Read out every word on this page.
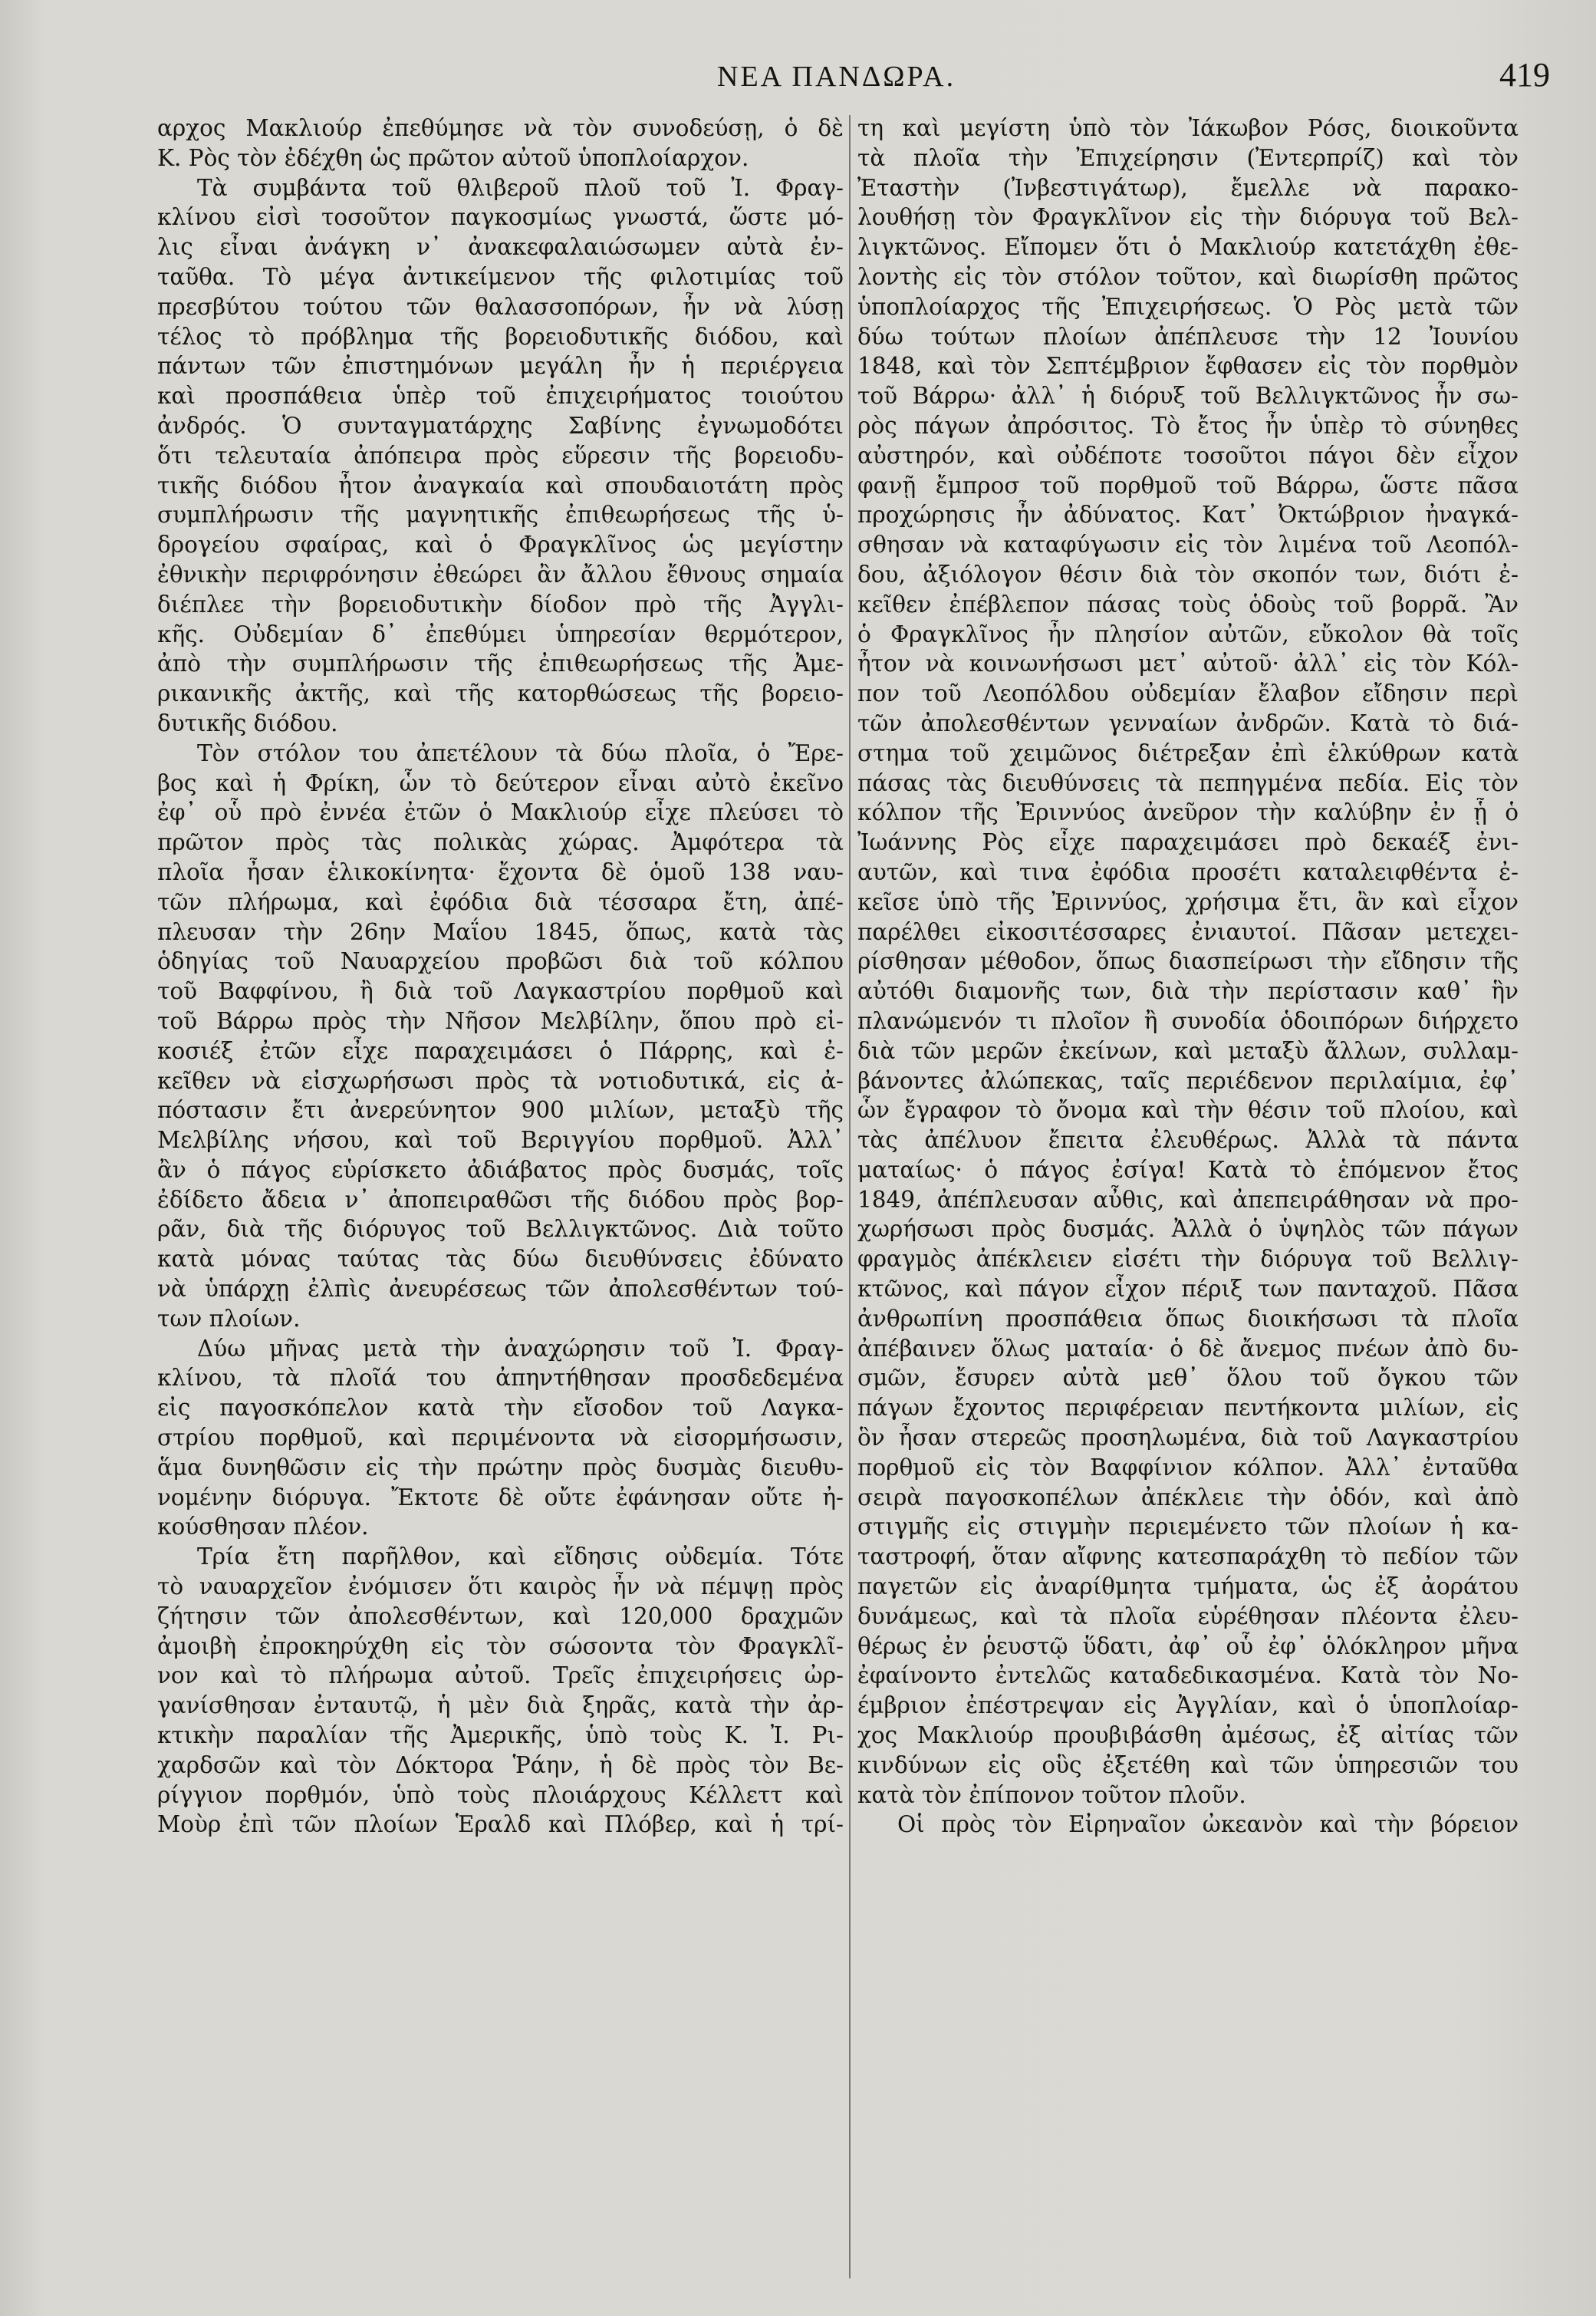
ΝΕΑ ΠΑΝΔΩΡΑ.	419
αρχος Μακλιούρ ἐπεθύμησε νὰ τὸν συνοδεύσῃ, ὁ δὲ
Κ. Ρὸς τὸν ἐδέχθη ὡς πρῶτον αὐτοῦ ὑποπλοίαρχον.
Τὰ συμβάντα τοῦ θλιβεροῦ πλοῦ τοῦ Ἰ. Φραγ-
κλίνου εἰσὶ τοσοῦτον παγκοσμίως γνωστά, ὥστε μό-
λις εἶναι ἀνάγκη ν᾽ ἀνακεφαλαιώσωμεν αὐτὰ ἐν-
ταῦθα. Τὸ μέγα ἀντικείμενον τῆς φιλοτιμίας τοῦ
πρεσβύτου τούτου τῶν θαλασσοπόρων, ἦν νὰ λύσῃ
τέλος τὸ πρόβλημα τῆς βορειοδυτικῆς διόδου, καὶ
πάντων τῶν ἐπιστημόνων μεγάλη ἦν ἡ περιέργεια
καὶ προσπάθεια ὑπὲρ τοῦ ἐπιχειρήματος τοιούτου
ἀνδρός. Ὁ συνταγματάρχης Σαβίνης ἐγνωμοδότει
ὅτι τελευταία ἀπόπειρα πρὸς εὕρεσιν τῆς βορειοδυ-
τικῆς διόδου ἦτον ἀναγκαία καὶ σπουδαιοτάτη πρὸς
συμπλήρωσιν τῆς μαγνητικῆς ἐπιθεωρήσεως τῆς ὑ-
δρογείου σφαίρας, καὶ ὁ Φραγκλῖνος ὡς μεγίστην
ἐθνικὴν περιφρόνησιν ἐθεώρει ἂν ἄλλου ἔθνους σημαία
διέπλεε τὴν βορειοδυτικὴν δίοδον πρὸ τῆς Ἀγγλι-
κῆς. Οὐδεμίαν δ᾽ ἐπεθύμει ὑπηρεσίαν θερμότερον,
ἀπὸ τὴν συμπλήρωσιν τῆς ἐπιθεωρήσεως τῆς Ἀμε-
ρικανικῆς ἀκτῆς, καὶ τῆς κατορθώσεως τῆς βορειο-
δυτικῆς διόδου.
Τὸν στόλον του ἀπετέλουν τὰ δύω πλοῖα, ὁ Ἔρε-
βος καὶ ἡ Φρίκη, ὧν τὸ δεύτερον εἶναι αὐτὸ ἐκεῖνο
ἐφ᾽ οὗ πρὸ ἐννέα ἐτῶν ὁ Μακλιούρ εἶχε πλεύσει τὸ
πρῶτον πρὸς τὰς πολικὰς χώρας. Ἀμφότερα τὰ
πλοῖα ἦσαν ἑλικοκίνητα· ἔχοντα δὲ ὁμοῦ 138 ναυ-
τῶν πλήρωμα, καὶ ἐφόδια διὰ τέσσαρα ἔτη, ἀπέ-
πλευσαν τὴν 26ην Μαΐου 1845, ὅπως, κατὰ τὰς
ὁδηγίας τοῦ Ναυαρχείου προβῶσι διὰ τοῦ κόλπου
τοῦ Βαφφίνου, ἢ διὰ τοῦ Λαγκαστρίου πορθμοῦ καὶ
τοῦ Βάρρω πρὸς τὴν Νῆσον Μελβίλην, ὅπου πρὸ εἰ-
κοσιέξ ἐτῶν εἶχε παραχειμάσει ὁ Πάρρης, καὶ ἐ-
κεῖθεν νὰ εἰσχωρήσωσι πρὸς τὰ νοτιοδυτικά, εἰς ἀ-
πόστασιν ἔτι ἀνερεύνητον 900 μιλίων, μεταξὺ τῆς
Μελβίλης νήσου, καὶ τοῦ Βεριγγίου πορθμοῦ. Ἀλλ᾽
ἂν ὁ πάγος εὑρίσκετο ἀδιάβατος πρὸς δυσμάς, τοῖς
ἐδίδετο ἄδεια ν᾽ ἀποπειραθῶσι τῆς διόδου πρὸς βορ-
ρᾶν, διὰ τῆς διόρυγος τοῦ Βελλιγκτῶνος. Διὰ τοῦτο
κατὰ μόνας ταύτας τὰς δύω διευθύνσεις ἐδύνατο
νὰ ὑπάρχῃ ἐλπὶς ἀνευρέσεως τῶν ἀπολεσθέντων τού-
των πλοίων.
Δύω μῆνας μετὰ τὴν ἀναχώρησιν τοῦ Ἰ. Φραγ-
κλίνου, τὰ πλοῖά του ἀπηντήθησαν προσδεδεμένα
εἰς παγοσκόπελον κατὰ τὴν εἴσοδον τοῦ Λαγκα-
στρίου πορθμοῦ, καὶ περιμένοντα νὰ εἰσορμήσωσιν,
ἅμα δυνηθῶσιν εἰς τὴν πρώτην πρὸς δυσμὰς διευθυ-
νομένην διόρυγα. Ἔκτοτε δὲ οὔτε ἐφάνησαν οὔτε ἠ-
κούσθησαν πλέον.
Τρία ἔτη παρῆλθον, καὶ εἴδησις οὐδεμία. Τότε
τὸ ναυαρχεῖον ἐνόμισεν ὅτι καιρὸς ἦν νὰ πέμψῃ πρὸς
ζήτησιν τῶν ἀπολεσθέντων, καὶ 120,000 δραχμῶν
ἀμοιβὴ ἐπροκηρύχθη εἰς τὸν σώσοντα τὸν Φραγκλῖ-
νον καὶ τὸ πλήρωμα αὐτοῦ. Τρεῖς ἐπιχειρήσεις ὠρ-
γανίσθησαν ἐνταυτῷ, ἡ μὲν διὰ ξηρᾶς, κατὰ τὴν ἀρ-
κτικὴν παραλίαν τῆς Ἀμερικῆς, ὑπὸ τοὺς Κ. Ἰ. Ρι-
χαρδσῶν καὶ τὸν Δόκτορα Ῥάην, ἡ δὲ πρὸς τὸν Βε-
ρίγγιον πορθμόν, ὑπὸ τοὺς πλοιάρχους Κέλλεττ καὶ
Μοὺρ ἐπὶ τῶν πλοίων Ἑραλδ καὶ Πλόβερ, καὶ ἡ τρί-
τη καὶ μεγίστη ὑπὸ τὸν Ἰάκωβον Ρόσς, διοικοῦντα
τὰ πλοῖα τὴν Ἐπιχείρησιν (Ἐντερπρίζ) καὶ τὸν
Ἐταστὴν (Ἰνβεστιγάτωρ), ἔμελλε νὰ παρακο-
λουθήσῃ τὸν Φραγκλῖνον εἰς τὴν διόρυγα τοῦ Βελ-
λιγκτῶνος. Εἴπομεν ὅτι ὁ Μακλιούρ κατετάχθη ἐθε-
λοντὴς εἰς τὸν στόλον τοῦτον, καὶ διωρίσθη πρῶτος
ὑποπλοίαρχος τῆς Ἐπιχειρήσεως. Ὁ Ρὸς μετὰ τῶν
δύω τούτων πλοίων ἀπέπλευσε τὴν 12 Ἰουνίου
1848, καὶ τὸν Σεπτέμβριον ἔφθασεν εἰς τὸν πορθμὸν
τοῦ Βάρρω· ἀλλ᾽ ἡ διόρυξ τοῦ Βελλιγκτῶνος ἦν σω-
ρὸς πάγων ἀπρόσιτος. Τὸ ἔτος ἦν ὑπὲρ τὸ σύνηθες
αὐστηρόν, καὶ οὐδέποτε τοσοῦτοι πάγοι δὲν εἶχον
φανῇ ἔμπροσ τοῦ πορθμοῦ τοῦ Βάρρω, ὥστε πᾶσα
προχώρησις ἦν ἀδύνατος. Κατ᾽ Ὀκτώβριον ἠναγκά-
σθησαν νὰ καταφύγωσιν εἰς τὸν λιμένα τοῦ Λεοπόλ-
δου, ἀξιόλογον θέσιν διὰ τὸν σκοπόν των, διότι ἐ-
κεῖθεν ἐπέβλεπον πάσας τοὺς ὁδοὺς τοῦ βορρᾶ. Ἂν
ὁ Φραγκλῖνος ἦν πλησίον αὐτῶν, εὔκολον θὰ τοῖς
ἦτον νὰ κοινωνήσωσι μετ᾽ αὐτοῦ· ἀλλ᾽ εἰς τὸν Κόλ-
πον τοῦ Λεοπόλδου οὐδεμίαν ἔλαβον εἴδησιν περὶ
τῶν ἀπολεσθέντων γενναίων ἀνδρῶν. Κατὰ τὸ διά-
στημα τοῦ χειμῶνος διέτρεξαν ἐπὶ ἑλκύθρων κατὰ
πάσας τὰς διευθύνσεις τὰ πεπηγμένα πεδία. Εἰς τὸν
κόλπον τῆς Ἐριννύος ἀνεῦρον τὴν καλύβην ἐν ᾗ ὁ
Ἰωάννης Ρὸς εἶχε παραχειμάσει πρὸ δεκαέξ ἐνι-
αυτῶν, καὶ τινα ἐφόδια προσέτι καταλειφθέντα ἐ-
κεῖσε ὑπὸ τῆς Ἐριννύος, χρήσιμα ἔτι, ἂν καὶ εἶχον
παρέλθει εἰκοσιτέσσαρες ἐνιαυτοί. Πᾶσαν μετεχει-
ρίσθησαν μέθοδον, ὅπως διασπείρωσι τὴν εἴδησιν τῆς
αὐτόθι διαμονῆς των, διὰ τὴν περίστασιν καθ᾽ ἣν
πλανώμενόν τι πλοῖον ἢ συνοδία ὁδοιπόρων διήρχετο
διὰ τῶν μερῶν ἐκείνων, καὶ μεταξὺ ἄλλων, συλλαμ-
βάνοντες ἀλώπεκας, ταῖς περιέδενον περιλαίμια, ἐφ᾽
ὧν ἔγραφον τὸ ὄνομα καὶ τὴν θέσιν τοῦ πλοίου, καὶ
τὰς ἀπέλυον ἔπειτα ἐλευθέρως. Ἀλλὰ τὰ πάντα
ματαίως· ὁ πάγος ἐσίγα! Κατὰ τὸ ἑπόμενον ἔτος
1849, ἀπέπλευσαν αὖθις, καὶ ἀπεπειράθησαν νὰ προ-
χωρήσωσι πρὸς δυσμάς. Ἀλλὰ ὁ ὑψηλὸς τῶν πάγων
φραγμὸς ἀπέκλειεν εἰσέτι τὴν διόρυγα τοῦ Βελλιγ-
κτῶνος, καὶ πάγον εἶχον πέριξ των πανταχοῦ. Πᾶσα
ἀνθρωπίνη προσπάθεια ὅπως διοικήσωσι τὰ πλοῖα
ἀπέβαινεν ὅλως ματαία· ὁ δὲ ἄνεμος πνέων ἀπὸ δυ-
σμῶν, ἔσυρεν αὐτὰ μεθ᾽ ὅλου τοῦ ὄγκου τῶν
πάγων ἔχοντος περιφέρειαν πεντήκοντα μιλίων, εἰς
ὃν ἦσαν στερεῶς προσηλωμένα, διὰ τοῦ Λαγκαστρίου
πορθμοῦ εἰς τὸν Βαφφίνιον κόλπον. Ἀλλ᾽ ἐνταῦθα
σειρὰ παγοσκοπέλων ἀπέκλειε τὴν ὁδόν, καὶ ἀπὸ
στιγμῆς εἰς στιγμὴν περιεμένετο τῶν πλοίων ἡ κα-
ταστροφή, ὅταν αἴφνης κατεσπαράχθη τὸ πεδίον τῶν
παγετῶν εἰς ἀναρίθμητα τμήματα, ὡς ἐξ ἀοράτου
δυνάμεως, καὶ τὰ πλοῖα εὑρέθησαν πλέοντα ἐλευ-
θέρως ἐν ῥευστῷ ὕδατι, ἀφ᾽ οὗ ἐφ᾽ ὁλόκληρον μῆνα
ἐφαίνοντο ἐντελῶς καταδεδικασμένα. Κατὰ τὸν Νο-
έμβριον ἐπέστρεψαν εἰς Ἀγγλίαν, καὶ ὁ ὑποπλοίαρ-
χος Μακλιούρ προυβιβάσθη ἀμέσως, ἐξ αἰτίας τῶν
κινδύνων εἰς οὓς ἐξετέθη καὶ τῶν ὑπηρεσιῶν του
κατὰ τὸν ἐπίπονον τοῦτον πλοῦν.
Οἱ πρὸς τὸν Εἰρηναῖον ὠκεανὸν καὶ τὴν βόρειον
